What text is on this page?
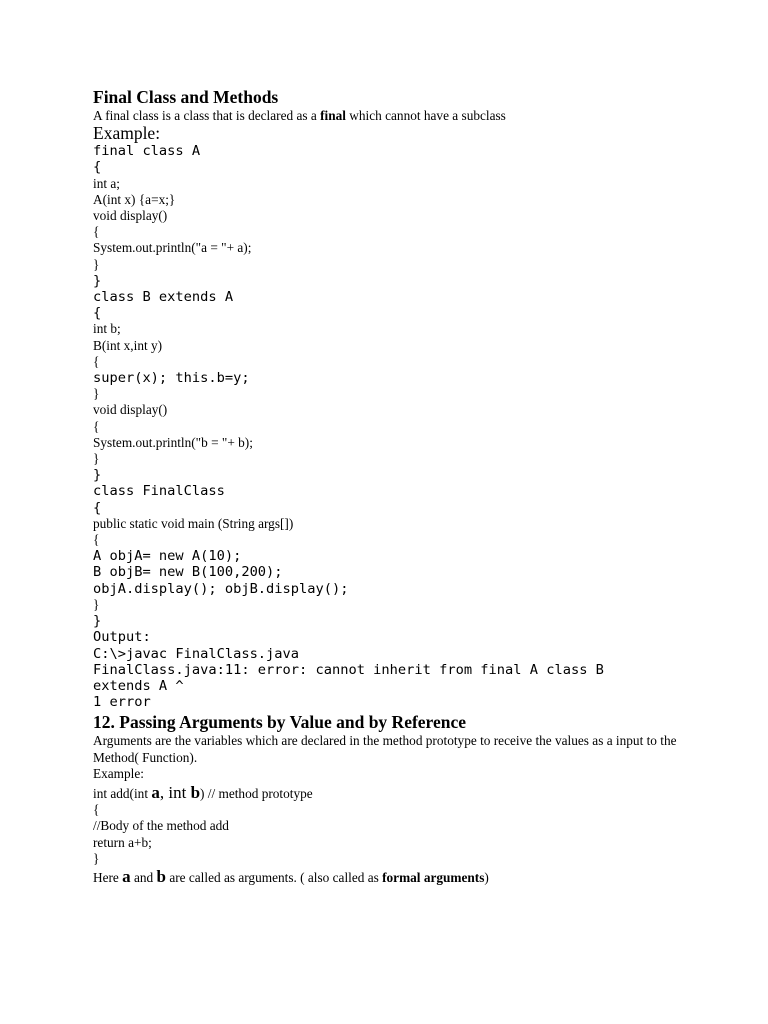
Final Class and Methods
A final class is a class that is declared as a final which cannot have a subclass
Example:
final class A
{
int a;
A(int x) {a=x;}
void display()
{
System.out.println("a = "+ a);
}
}
class B extends A
{
int b;
B(int x,int y)
{
super(x); this.b=y;
}
void display()
{
System.out.println("b = "+ b);
}
}
class FinalClass
{
public static void main (String args[])
{
A objA= new A(10);
B objB= new B(100,200);
objA.display(); objB.display();
}
}
Output:
C:\>javac FinalClass.java
FinalClass.java:11: error: cannot inherit from final A class B
extends A ^
1 error
12. Passing Arguments by Value and by Reference
Arguments are the variables which are declared in the method prototype to receive the values as a input to the Method( Function).
Example:
int add(int a, int b) // method prototype
{
//Body of the method add
return a+b;
}
Here a and b are called as arguments. ( also called as formal arguments)
